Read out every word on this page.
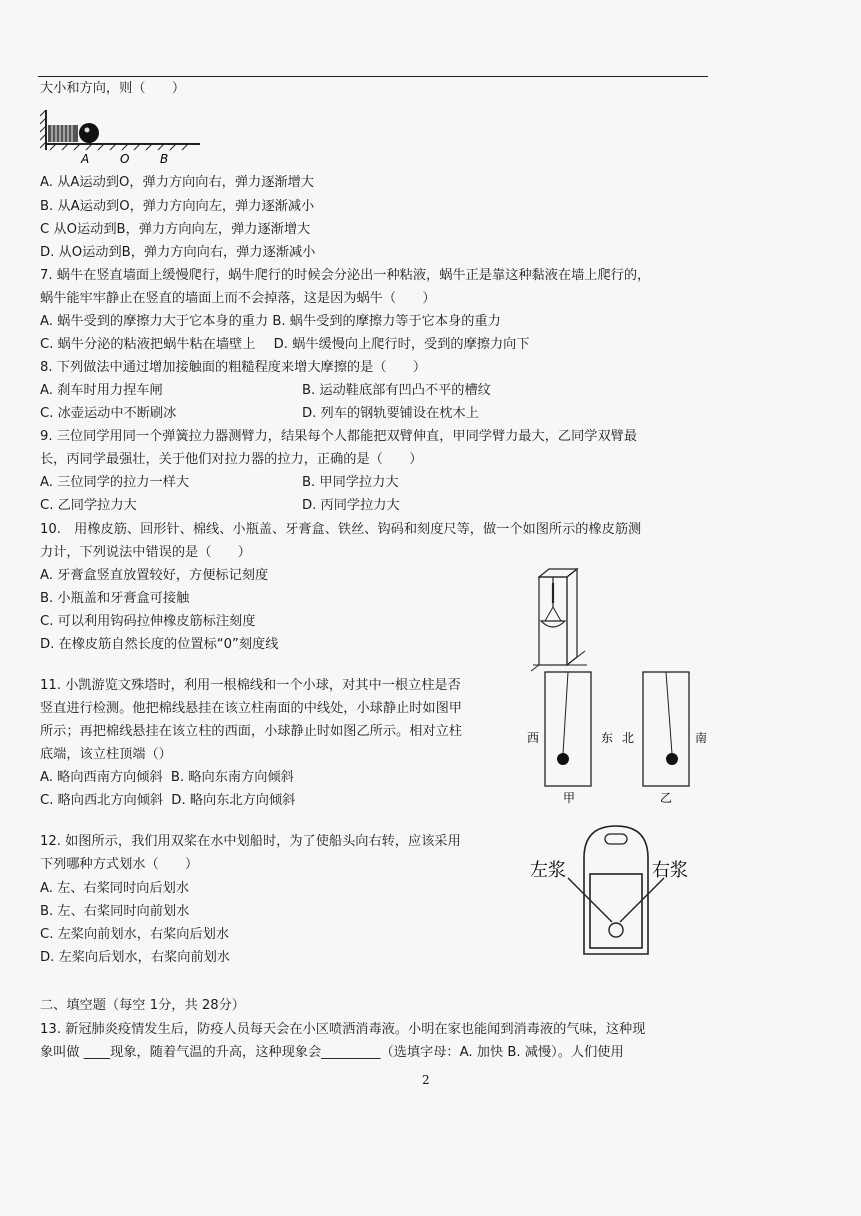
大小和方向，则（　　）
A	O	B
A. 从A运动到O，弹力方向向右，弹力逐渐增大
B. 从A运动到O，弹力方向向左，弹力逐渐减小
C 从O运动到B，弹力方向向左，弹力逐渐增大
D. 从O运动到B，弹力方向向右，弹力逐渐减小
7. 蜗牛在竖直墙面上缓慢爬行，蜗牛爬行的时候会分泌出一种粘液，蜗牛正是靠这种黏液在墙上爬行的，
蜗牛能牢牢静止在竖直的墙面上而不会掉落，这是因为蜗牛（　　）
A. 蜗牛受到的摩擦力大于它本身的重力 B. 蜗牛受到的摩擦力等于它本身的重力
C. 蜗牛分泌的粘液把蜗牛粘在墙壁上 D. 蜗牛缓慢向上爬行时，受到的摩擦力向下
8. 下列做法中通过增加接触面的粗糙程度来增大摩擦的是（　　）
A. 刹车时用力捏车闸	B. 运动鞋底部有凹凸不平的槽纹
C. 冰壶运动中不断刷冰	D. 列车的钢轨要铺设在枕木上
9. 三位同学用同一个弹簧拉力器测臂力，结果每个人都能把双臂伸直，甲同学臂力最大，乙同学双臂最
长，丙同学最强壮，关于他们对拉力器的拉力，正确的是（　　）
A. 三位同学的拉力一样大	B. 甲同学拉力大
C. 乙同学拉力大	D. 丙同学拉力大
10.　用橡皮筋、回形针、棉线、小瓶盖、牙膏盒、铁丝、钩码和刻度尺等，做一个如图所示的橡皮筋测
力计，下列说法中错误的是（　　）
A. 牙膏盒竖直放置较好，方便标记刻度
B. 小瓶盖和牙膏盒可接触
C. 可以利用钩码拉伸橡皮筋标注刻度
D. 在橡皮筋自然长度的位置标“0”刻度线
11. 小凯游览文殊塔时，利用一根棉线和一个小球，对其中一根立柱是否
竖直进行检测。他把棉线悬挂在该立柱南面的中线处，小球静止时如图甲
所示；再把棉线悬挂在该立柱的西面，小球静止时如图乙所示。相对立柱
底端，该立柱顶端（）
A. 略向西南方向倾斜 B. 略向东南方向倾斜
C. 略向西北方向倾斜 D. 略向东北方向倾斜
西	东
甲
北	南
乙
12. 如图所示，我们用双桨在水中划船时，为了使船头向右转，应该采用
下列哪种方式划水（　　）
A. 左、右桨同时向后划水
B. 左、右桨同时向前划水
C. 左桨向前划水，右桨向后划水
D. 左桨向后划水，右桨向前划水
左浆	右浆
二、填空题（每空 1分，共 28分）
13. 新冠肺炎疫情发生后，防疫人员每天会在小区喷洒消毒液。小明在家也能闻到消毒液的气味，这种现
象叫做 ____现象，随着气温的升高，这种现象会_________（选填字母：A. 加快 B. 减慢）。人们使用
2
